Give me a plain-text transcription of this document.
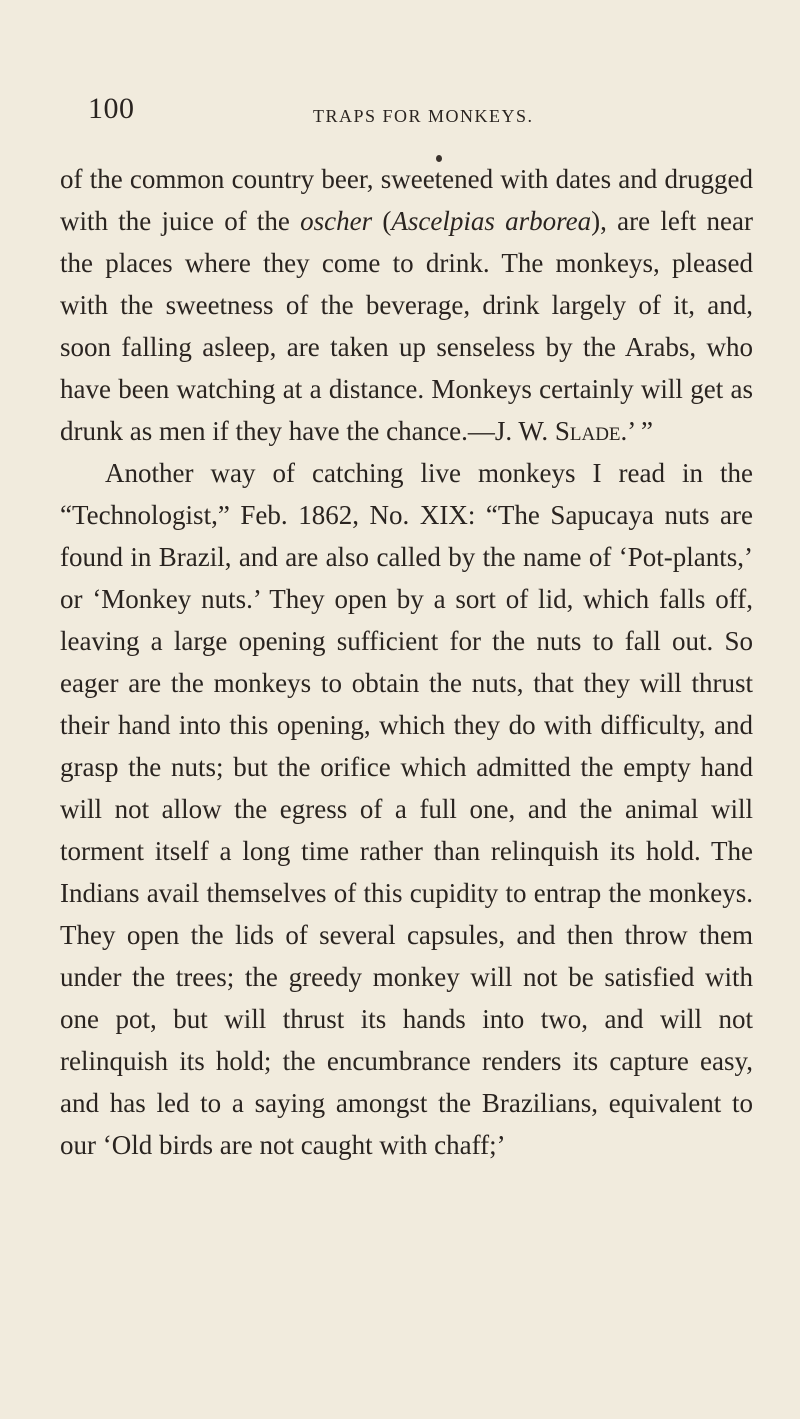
100	TRAPS FOR MONKEYS.

of the common country beer, sweetened with dates and drugged with the juice of the oscher (Ascelpias arborea), are left near the places where they come to drink. The monkeys, pleased with the sweetness of the beverage, drink largely of it, and, soon falling asleep, are taken up senseless by the Arabs, who have been watching at a distance. Monkeys certainly will get as drunk as men if they have the chance.—J. W. Slade.’ ”

Another way of catching live monkeys I read in the “Technologist,” Feb. 1862, No. XIX: “The Sapucaya nuts are found in Brazil, and are also called by the name of ‘Pot-plants,’ or ‘Monkey nuts.’ They open by a sort of lid, which falls off, leaving a large opening sufficient for the nuts to fall out. So eager are the monkeys to obtain the nuts, that they will thrust their hand into this opening, which they do with difficulty, and grasp the nuts; but the orifice which admitted the empty hand will not allow the egress of a full one, and the animal will torment itself a long time rather than relinquish its hold. The Indians avail themselves of this cupidity to entrap the monkeys. They open the lids of several capsules, and then throw them under the trees; the greedy monkey will not be satisfied with one pot, but will thrust its hands into two, and will not relinquish its hold; the encumbrance renders its capture easy, and has led to a saying amongst the Brazilians, equivalent to our ‘Old birds are not caught with chaff;’
